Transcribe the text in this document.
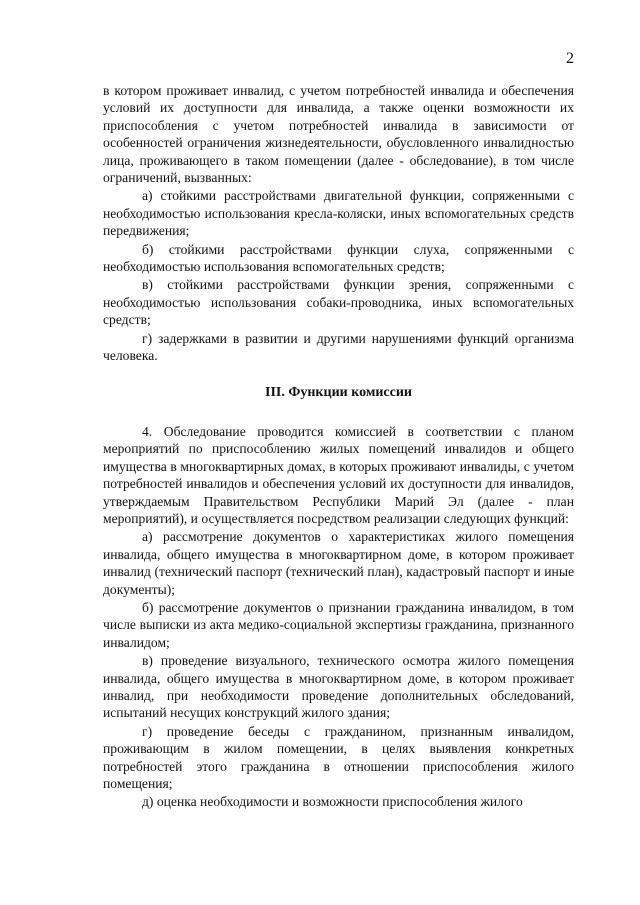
2

в котором проживает инвалид, с учетом потребностей инвалида и обеспечения условий их доступности для инвалида, а также оценки возможности их приспособления с учетом потребностей инвалида в зависимости от особенностей ограничения жизнедеятельности, обусловленного инвалидностью лица, проживающего в таком помещении (далее - обследование), в том числе ограничений, вызванных:

а) стойкими расстройствами двигательной функции, сопряженными с необходимостью использования кресла-коляски, иных вспомогательных средств передвижения;

б) стойкими расстройствами функции слуха, сопряженными с необходимостью использования вспомогательных средств;

в) стойкими расстройствами функции зрения, сопряженными с необходимостью использования собаки-проводника, иных вспомогательных средств;

г) задержками в развитии и другими нарушениями функций организма человека.

III. Функции комиссии

4. Обследование проводится комиссией в соответствии с планом мероприятий по приспособлению жилых помещений инвалидов и общего имущества в многоквартирных домах, в которых проживают инвалиды, с учетом потребностей инвалидов и обеспечения условий их доступности для инвалидов, утверждаемым Правительством Республики Марий Эл (далее - план мероприятий), и осуществляется посредством реализации следующих функций:

а) рассмотрение документов о характеристиках жилого помещения инвалида, общего имущества в многоквартирном доме, в котором проживает инвалид (технический паспорт (технический план), кадастровый паспорт и иные документы);

б) рассмотрение документов о признании гражданина инвалидом, в том числе выписки из акта медико-социальной экспертизы гражданина, признанного инвалидом;

в) проведение визуального, технического осмотра жилого помещения инвалида, общего имущества в многоквартирном доме, в котором проживает инвалид, при необходимости проведение дополнительных обследований, испытаний несущих конструкций жилого здания;

г) проведение беседы с гражданином, признанным инвалидом, проживающим в жилом помещении, в целях выявления конкретных потребностей этого гражданина в отношении приспособления жилого помещения;

д) оценка необходимости и возможности приспособления жилого
